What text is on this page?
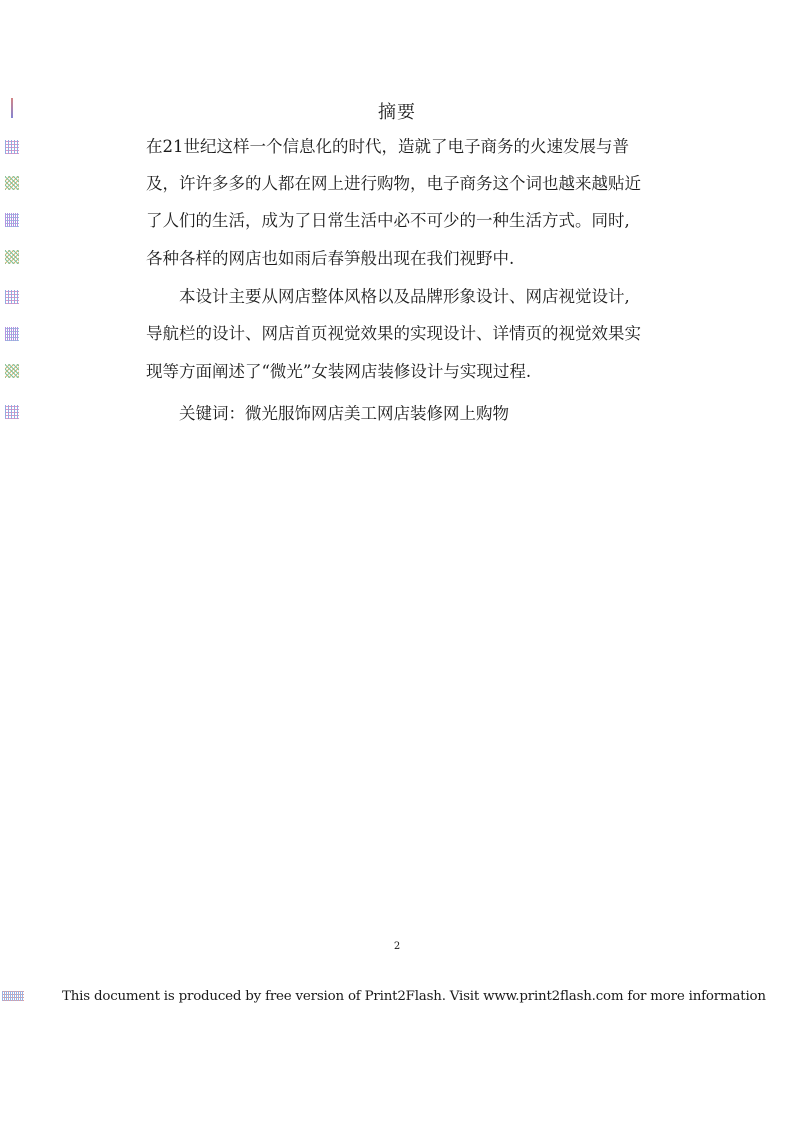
摘要
在21世纪这样一个信息化的时代，造就了电子商务的火速发展与普
及，许许多多的人都在网上进行购物，电子商务这个词也越来越贴近
了人们的生活，成为了日常生活中必不可少的一种生活方式。同时,
各种各样的网店也如雨后春笋般出现在我们视野中.
本设计主要从网店整体风格以及品牌形象设计、网店视觉设计,
导航栏的设计、网店首页视觉效果的实现设计、详情页的视觉效果实
现等方面阐述了“微光”女装网店装修设计与实现过程.
关键词：微光服饰网店美工网店装修网上购物
2
This document is produced by free version of Print2Flash. Visit www.print2flash.com for more information
